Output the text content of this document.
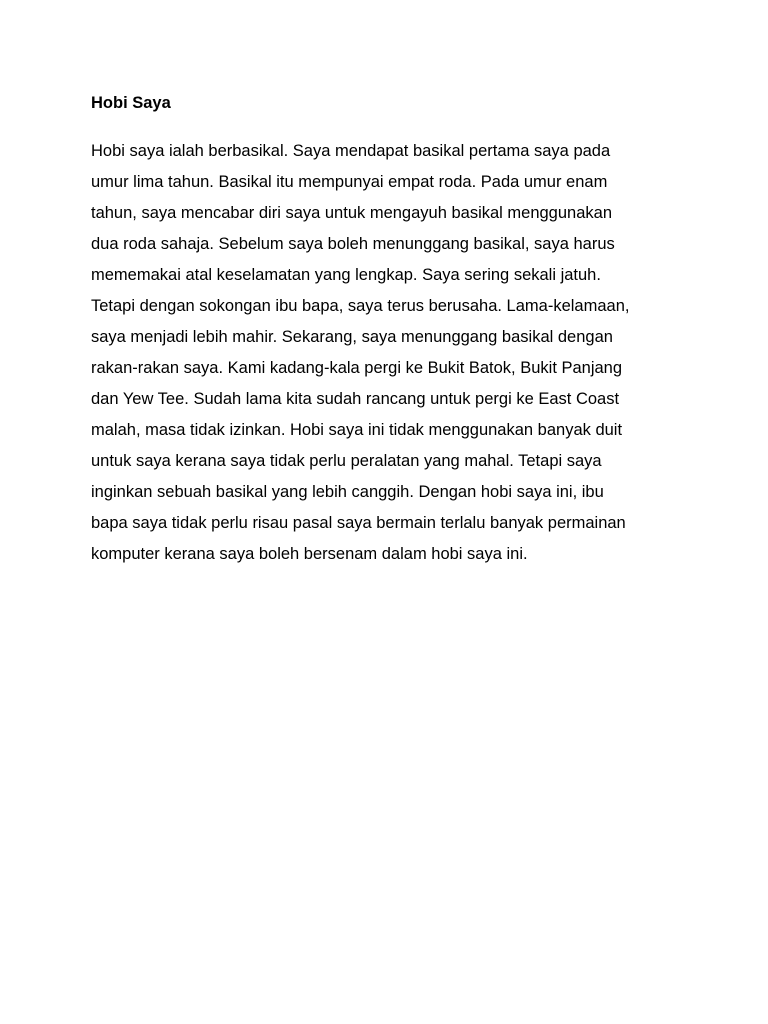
Hobi Saya

Hobi saya ialah berbasikal. Saya mendapat basikal pertama saya pada
umur lima tahun. Basikal itu mempunyai empat roda. Pada umur enam
tahun, saya mencabar diri saya untuk mengayuh basikal menggunakan
dua roda sahaja. Sebelum saya boleh menunggang basikal, saya harus
mememakai atal keselamatan yang lengkap. Saya sering sekali jatuh.
Tetapi dengan sokongan ibu bapa, saya terus berusaha. Lama-kelamaan,
saya menjadi lebih mahir. Sekarang, saya menunggang basikal dengan
rakan-rakan saya. Kami kadang-kala pergi ke Bukit Batok, Bukit Panjang
dan Yew Tee. Sudah lama kita sudah rancang untuk pergi ke East Coast
malah, masa tidak izinkan. Hobi saya ini tidak menggunakan banyak duit
untuk saya kerana saya tidak perlu peralatan yang mahal. Tetapi saya
inginkan sebuah basikal yang lebih canggih. Dengan hobi saya ini, ibu
bapa saya tidak perlu risau pasal saya bermain terlalu banyak permainan
komputer kerana saya boleh bersenam dalam hobi saya ini.
